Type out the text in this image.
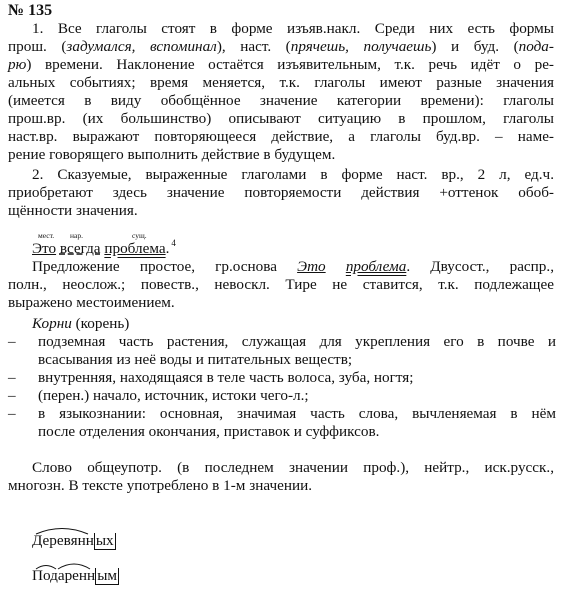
№ 135
1. Все глаголы стоят в форме изъяв.накл. Среди них есть формы
прош. (задумался, вспоминал), наст. (прячешь, получаешь) и буд. (пода-
рю) времени. Наклонение остаётся изъявительным, т.к. речь идёт о ре-
альных событиях; время меняется, т.к. глаголы имеют разные значения
(имеется в виду обобщённое значение категории времени): глаголы
прош.вр. (их большинство) описывают ситуацию в прошлом, глаголы
наст.вр. выражают повторяющееся действие, а глаголы буд.вр. – наме-
рение говорящего выполнить действие в будущем.
2. Сказуемые, выраженные глаголами в форме наст. вр., 2 л, ед.ч.
приобретают здесь значение повторяемости действия +оттенок обоб-
щённости значения.
мест. нар.	сущ.
Это всегда проблема. $^4$
Предложение простое, гр.основа Это проблема. Двусост., распр.,
полн., неослож.; повеств., невоскл. Тире не ставится, т.к. подлежащее
выражено местоимением.
Корни (корень)
– подземная часть растения, служащая для укрепления его в почве и
всасывания из неё воды и питательных веществ;
– внутренняя, находящаяся в теле часть волоса, зуба, ногтя;
– (перен.) начало, источник, истоки чего-л.;
– в языкознании: основная, значимая часть слова, вычленяемая в нём
после отделения окончания, приставок и суффиксов.
Слово общеупотр. (в последнем значении проф.), нейтр., иск.русск.,
многозн. В тексте употреблено в 1-м значении.
Деревянн ых
Подаренн ым
